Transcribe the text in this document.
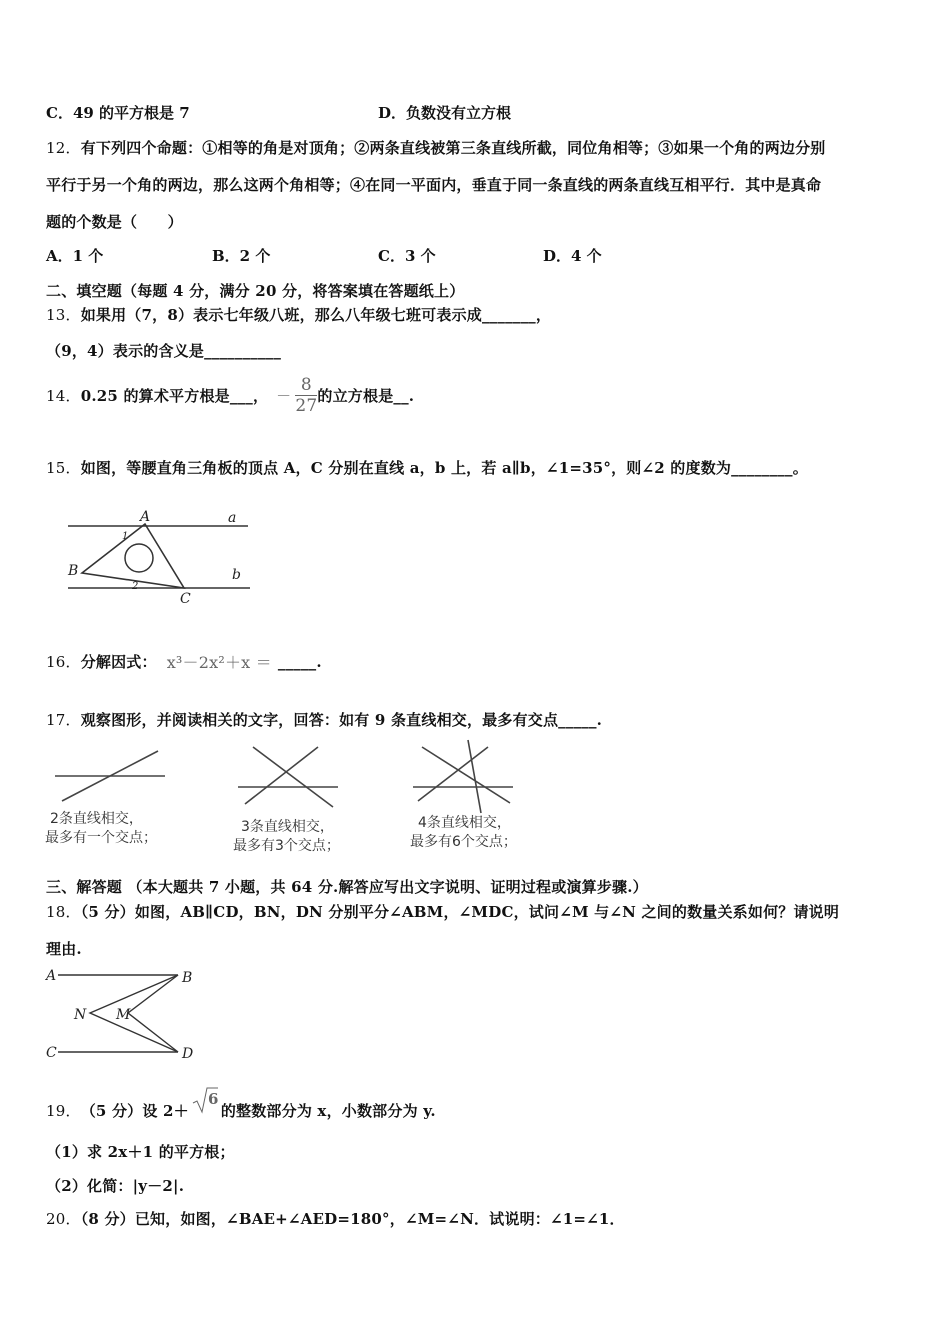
C．49 的平方根是 7	D．负数没有立方根
12．有下列四个命题：①相等的角是对顶角；②两条直线被第三条直线所截，同位角相等；③如果一个角的两边分别
平行于另一个角的两边，那么这两个角相等；④在同一平面内，垂直于同一条直线的两条直线互相平行．其中是真命
题的个数是（　　）
A．1 个	B．2 个	C．3 个	D．4 个
二、填空题（每题 4 分，满分 20 分，将答案填在答题纸上）
13．如果用（7，8）表示七年级八班，那么八年级七班可表示成_______，
（9，4）表示的含义是__________
14． 0.25 的算术平方根是___， － $\frac{8}{27}$ 的立方根是__.
15．如图，等腰直角三角板的顶点 A，C 分别在直线 a，b 上，若 a∥b，∠1=35°，则∠2 的度数为________。
A	a
B	b
C
1
2
16． 分解因式： x³－2x²＋x ＝ _____.
17．观察图形，并阅读相关的文字，回答：如有 9 条直线相交，最多有交点_____.
2条直线相交，
最多有一个交点；
3条直线相交，
最多有3个交点；
4条直线相交，
最多有6个交点；
三、解答题 （本大题共 7 小题，共 64 分.解答应写出文字说明、证明过程或演算步骤.）
18．（5 分）如图，AB∥CD，BN，DN 分别平分∠ABM，∠MDC，试问∠M 与∠N 之间的数量关系如何？请说明
理由.
A	B
N M
C	D
19． （5 分）设 2＋
6
的整数部分为 x，小数部分为 y.
（1）求 2x＋1 的平方根；
（2）化简：|y－2|.
20．（8 分）已知，如图，∠BAE+∠AED=180°，∠M=∠N．试说明：∠1=∠1．
